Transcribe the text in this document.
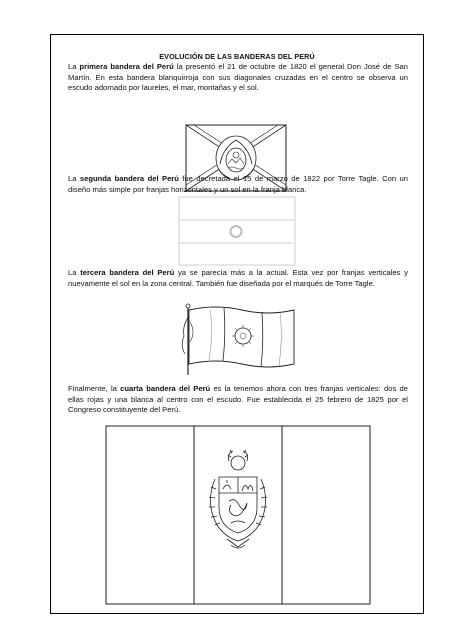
EVOLUCIÓN DE LAS BANDERAS DEL PERÚ

La primera bandera del Perú la presentó el 21 de octubre de 1820 el general Don José de San Martín. En esta bandera blanquirroja con sus diagonales cruzadas en el centro se observa un escudo adornado por laureles, el mar, montañas y el sol.

La segunda bandera del Perú fue decretada el 15 de marzo de 1822 por Torre Tagle. Con un diseño más simple por franjas horizontales y un sol en la franja blanca.

La tercera bandera del Perú ya se parecía más a la actual. Esta vez por franjas verticales y nuevamente el sol en la zona central. También fue diseñada por el marqués de Torre Tagle.

Finalmente, la cuarta bandera del Perú es la tenemos ahora con tres franjas verticales: dos de ellas rojas y una blanca al centro con el escudo. Fue establecida el 25 febrero de 1825 por el Congreso constituyente del Perú.
